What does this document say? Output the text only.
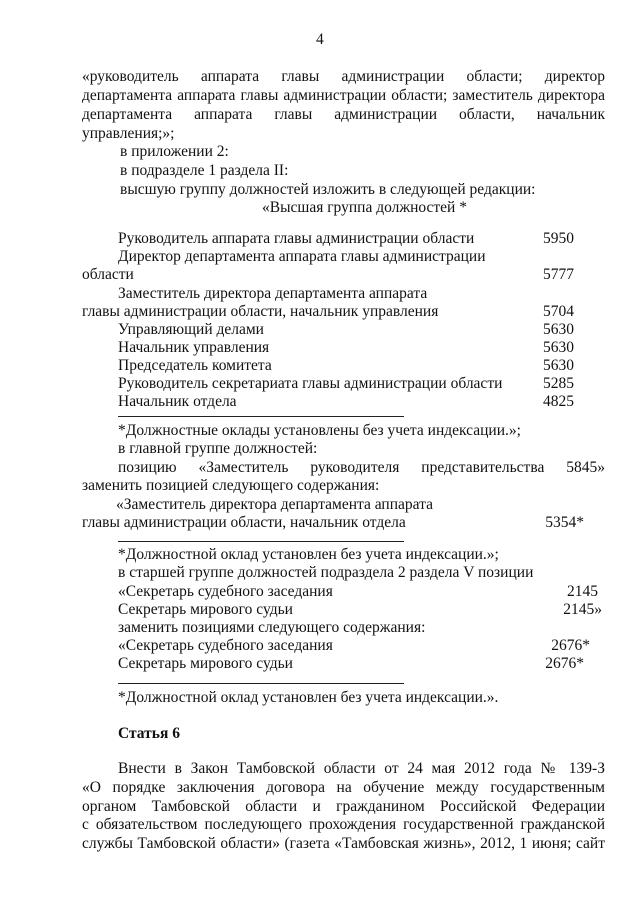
4
«руководитель аппарата главы администрации области; директор
департамента аппарата главы администрации области; заместитель директора
департамента аппарата главы администрации области, начальник
управления;»;
в приложении 2:
в подразделе 1 раздела II:
высшую группу должностей изложить в следующей редакции:
«Высшая группа должностей *
Руководитель аппарата главы администрации области	5950
Директор департамента аппарата главы администрации
области	5777
Заместитель директора департамента аппарата
главы администрации области, начальник управления	5704
Управляющий делами	5630
Начальник управления	5630
Председатель комитета	5630
Руководитель секретариата главы администрации области	5285
Начальник отдела	4825
*Должностные оклады установлены без учета индексации.»;
в главной группе должностей:
позицию «Заместитель руководителя представительства 5845»
заменить позицией следующего содержания:
«Заместитель директора департамента аппарата
главы администрации области, начальник отдела	5354*
*Должностной оклад установлен без учета индексации.»;
в старшей группе должностей подраздела 2 раздела V позиции
«Секретарь судебного заседания	2145
Секретарь мирового судьи	2145»
заменить позициями следующего содержания:
«Секретарь судебного заседания	2676*
Секретарь мирового судьи	2676*
*Должностной оклад установлен без учета индексации.».
Статья 6
Внести в Закон Тамбовской области от 24 мая 2012 года № 139-З
«О порядке заключения договора на обучение между государственным
органом Тамбовской области и гражданином Российской Федерации
с обязательством последующего прохождения государственной гражданской
службы Тамбовской области» (газета «Тамбовская жизнь», 2012, 1 июня; сайт
